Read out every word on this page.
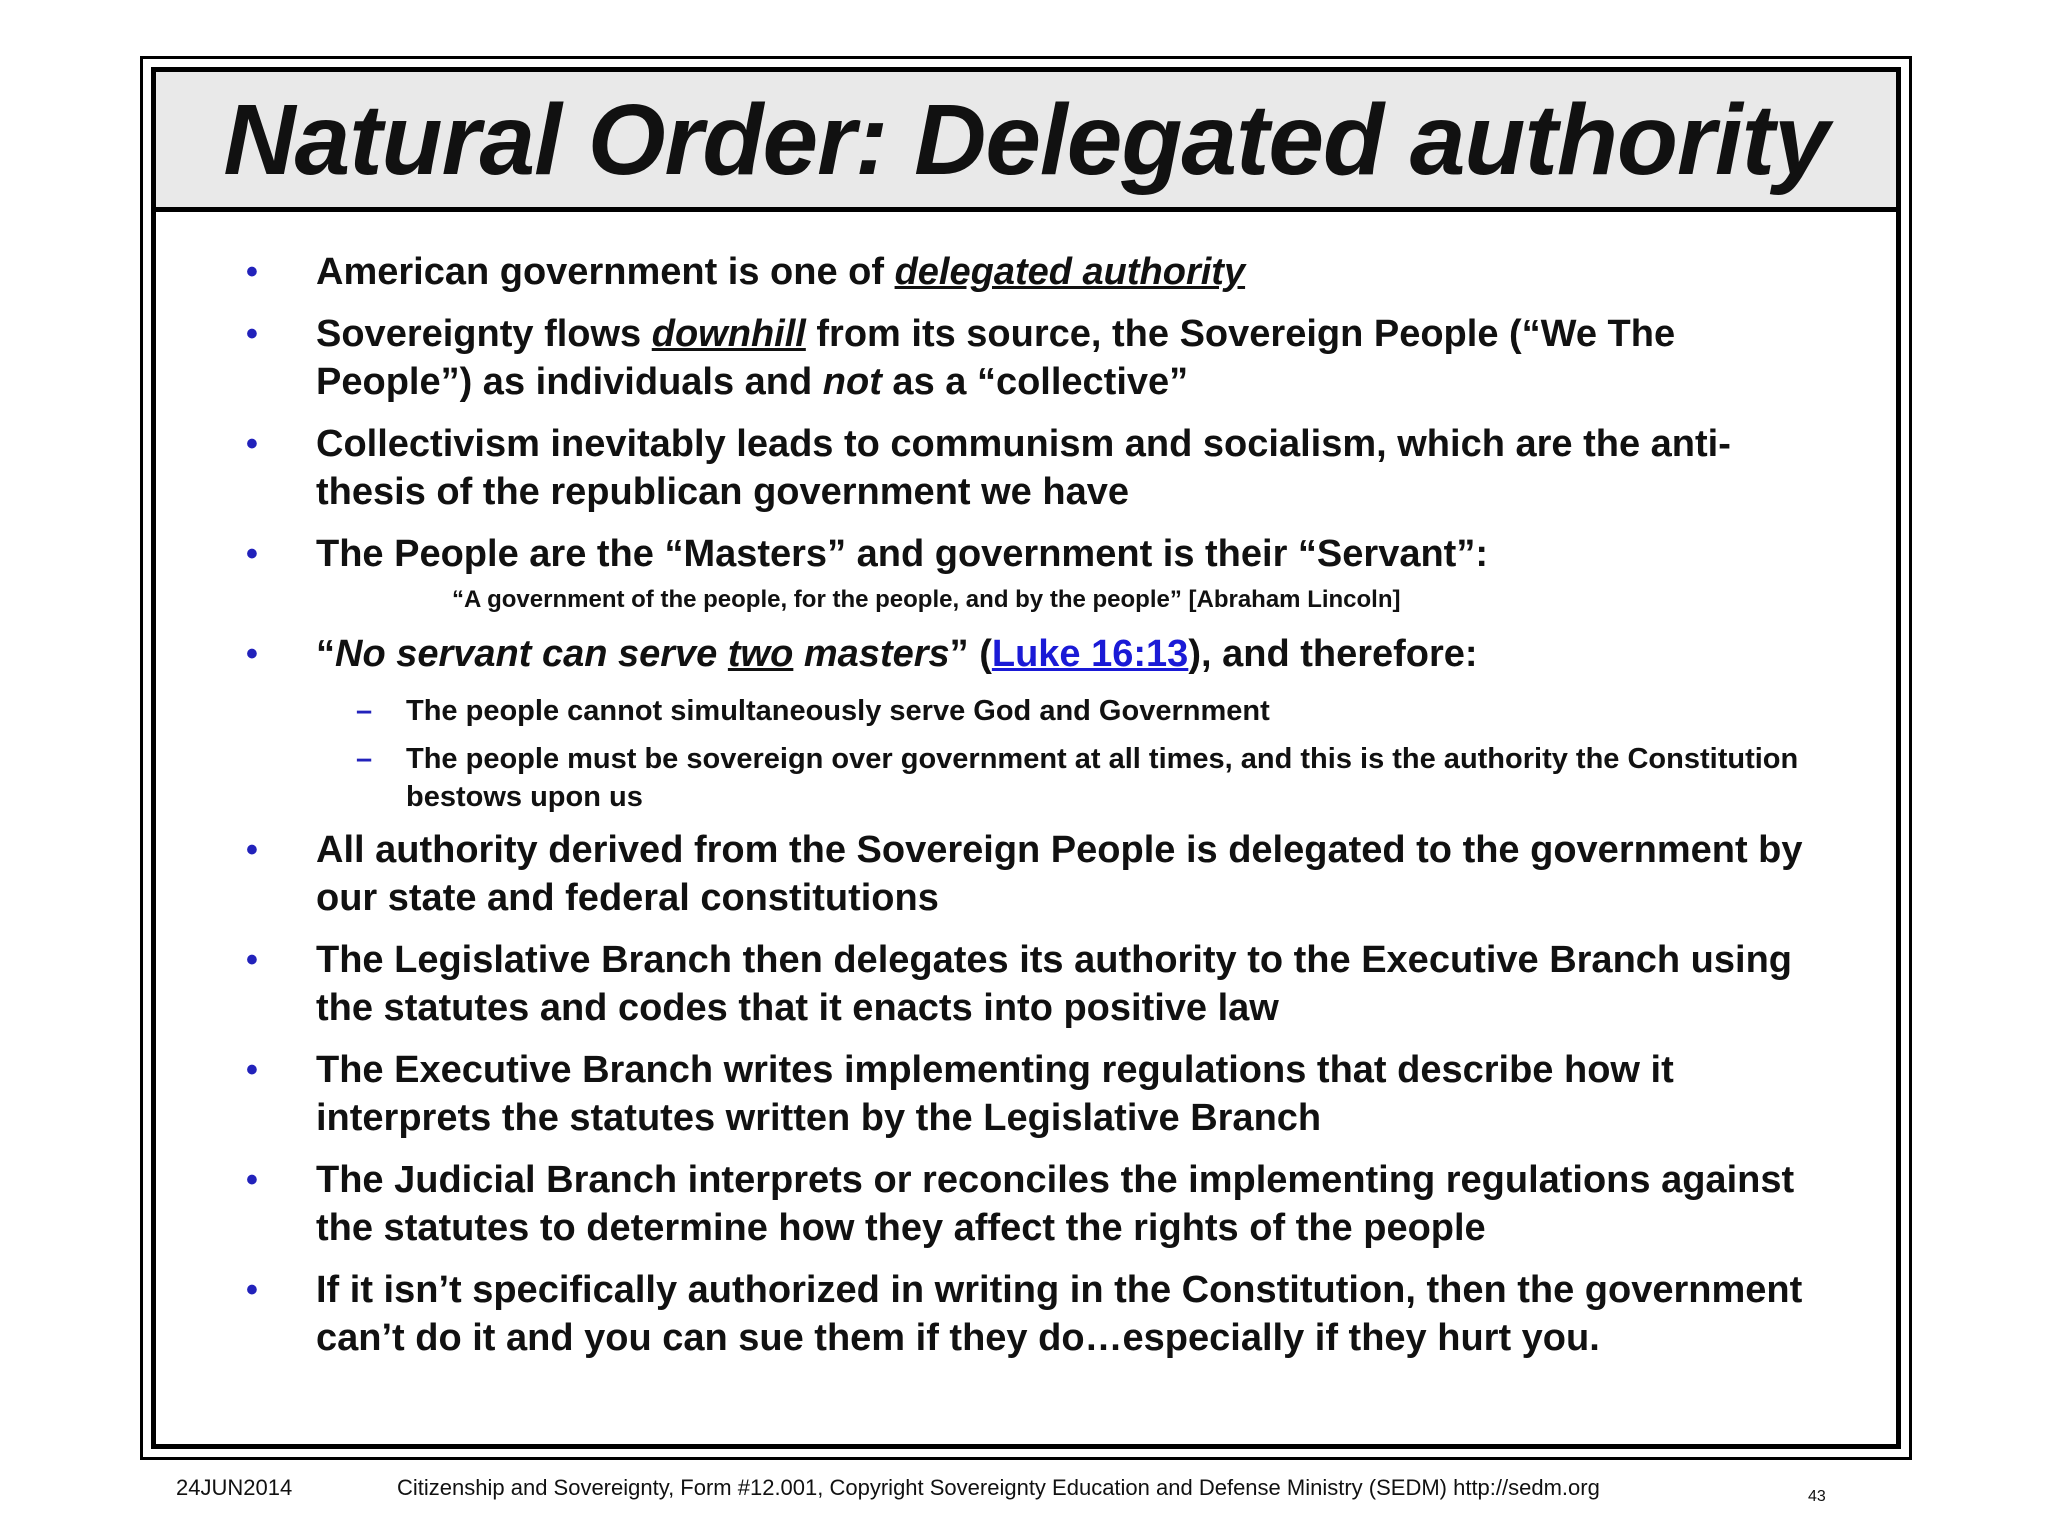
Natural Order: Delegated authority
• American government is one of delegated authority
• Sovereignty flows downhill from its source, the Sovereign People (“We The People”) as individuals and not as a “collective”
• Collectivism inevitably leads to communism and socialism, which are the anti-thesis of the republican government we have
• The People are the “Masters” and government is their “Servant”:
“A government of the people, for the people, and by the people” [Abraham Lincoln]
• “No servant can serve two masters” (Luke 16:13), and therefore:
– The people cannot simultaneously serve God and Government
– The people must be sovereign over government at all times, and this is the authority the Constitution bestows upon us
• All authority derived from the Sovereign People is delegated to the government by our state and federal constitutions
• The Legislative Branch then delegates its authority to the Executive Branch using the statutes and codes that it enacts into positive law
• The Executive Branch writes implementing regulations that describe how it interprets the statutes written by the Legislative Branch
• The Judicial Branch interprets or reconciles the implementing regulations against the statutes to determine how they affect the rights of the people
• If it isn’t specifically authorized in writing in the Constitution, then the government can’t do it and you can sue them if they do…especially if they hurt you.
24JUN2014	Citizenship and Sovereignty, Form #12.001, Copyright Sovereignty Education and Defense Ministry (SEDM) http://sedm.org	43
